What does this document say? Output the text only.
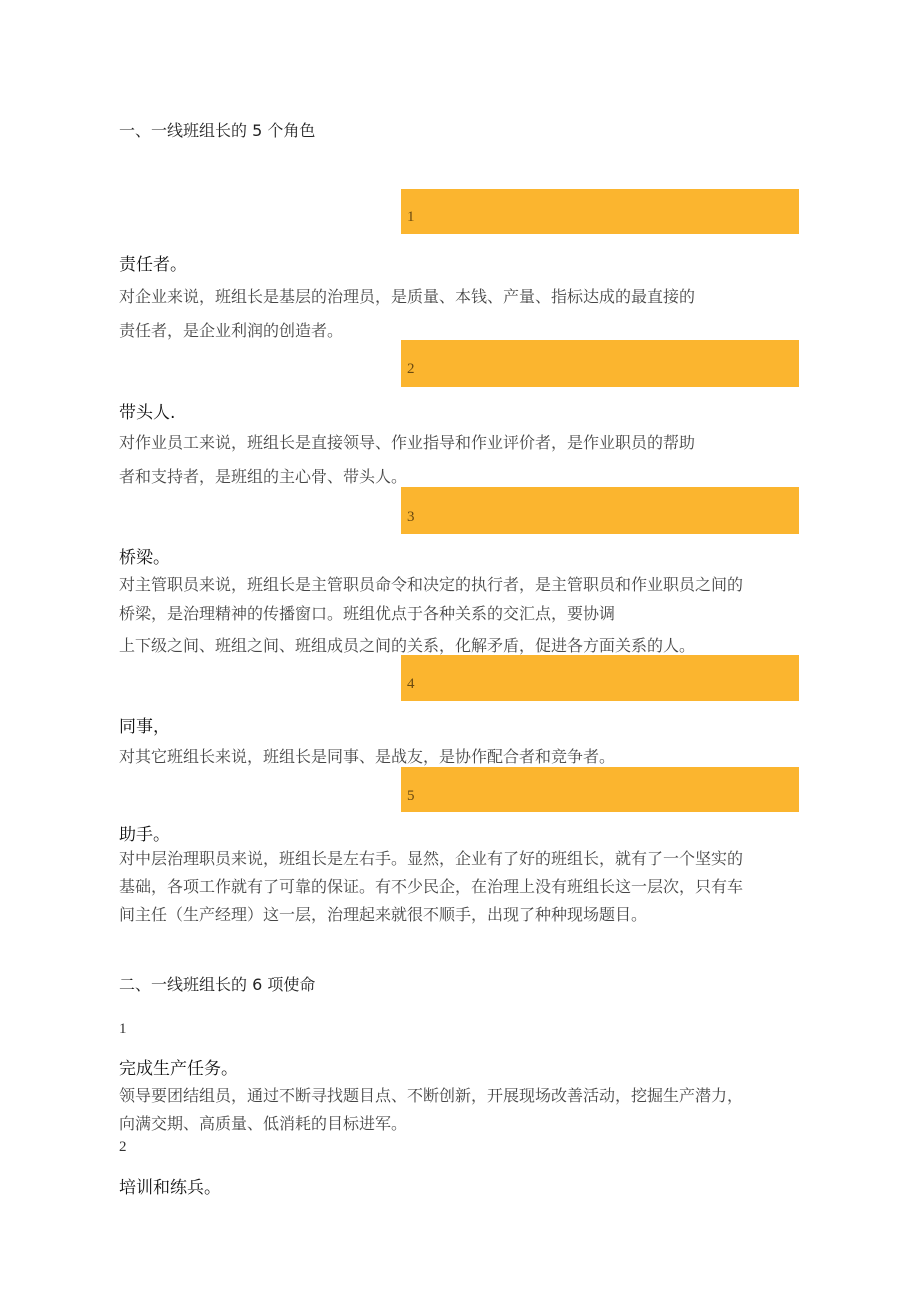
一、一线班组长的 5 个角色
1
责任者。
对企业来说，班组长是基层的治理员，是质量、本钱、产量、指标达成的最直接的
责任者，是企业利润的创造者。
2
带头人.
对作业员工来说，班组长是直接领导、作业指导和作业评价者，是作业职员的帮助
者和支持者，是班组的主心骨、带头人。
3
桥梁。
对主管职员来说，班组长是主管职员命令和决定的执行者，是主管职员和作业职员之间的
桥梁，是治理精神的传播窗口。班组优点于各种关系的交汇点，要协调
上下级之间、班组之间、班组成员之间的关系，化解矛盾，促进各方面关系的人。
4
同事，
对其它班组长来说，班组长是同事、是战友，是协作配合者和竞争者。
5
助手。
对中层治理职员来说，班组长是左右手。显然，企业有了好的班组长，就有了一个坚实的
基础，各项工作就有了可靠的保证。有不少民企，在治理上没有班组长这一层次，只有车
间主任（生产经理）这一层，治理起来就很不顺手，出现了种种现场题目。
二、一线班组长的 6 项使命
1
完成生产任务。
领导要团结组员，通过不断寻找题目点、不断创新，开展现场改善活动，挖掘生产潜力，
向满交期、高质量、低消耗的目标进军。
2
培训和练兵。
